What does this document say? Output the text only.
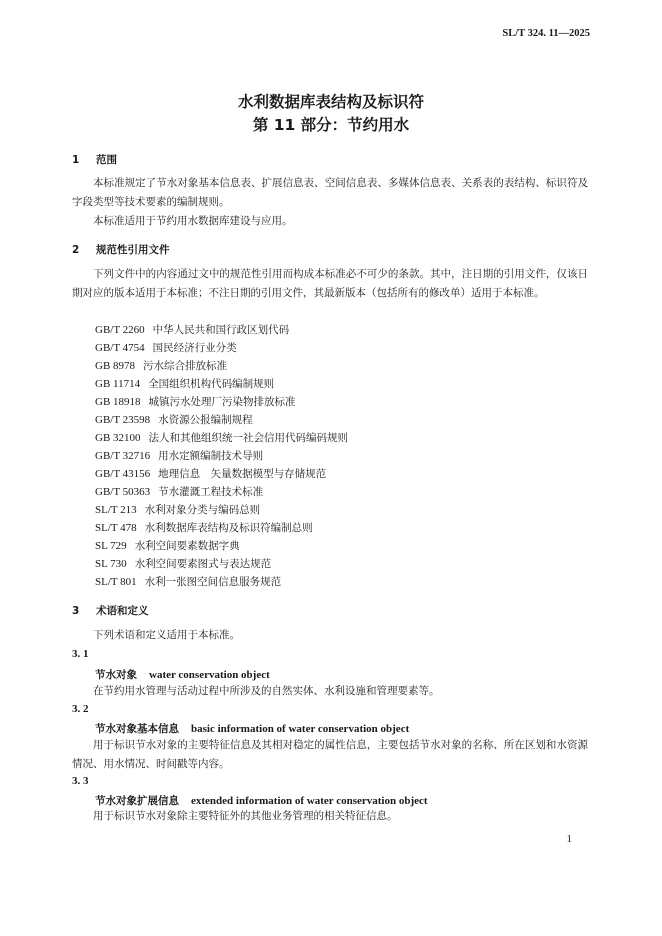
SL/T 324. 11—2025
水利数据库表结构及标识符
第 11 部分：节约用水
1 范围
本标准规定了节水对象基本信息表、扩展信息表、空间信息表、多媒体信息表、关系表的表结构、标识符及字段类型等技术要素的编制规则。
本标准适用于节约用水数据库建设与应用。
2 规范性引用文件
下列文件中的内容通过文中的规范性引用而构成本标准必不可少的条款。其中，注日期的引用文件，仅该日期对应的版本适用于本标准；不注日期的引用文件，其最新版本（包括所有的修改单）适用于本标准。
GB/T 2260 中华人民共和国行政区划代码
GB/T 4754 国民经济行业分类
GB 8978 污水综合排放标准
GB 11714 全国组织机构代码编制规则
GB 18918 城镇污水处理厂污染物排放标准
GB/T 23598 水资源公报编制规程
GB 32100 法人和其他组织统一社会信用代码编码规则
GB/T 32716 用水定额编制技术导则
GB/T 43156 地理信息　矢量数据模型与存储规范
GB/T 50363 节水灌溉工程技术标准
SL/T 213 水利对象分类与编码总则
SL/T 478 水利数据库表结构及标识符编制总则
SL 729 水利空间要素数据字典
SL 730 水利空间要素图式与表达规范
SL/T 801 水利一张图空间信息服务规范
3 术语和定义
下列术语和定义适用于本标准。
3. 1
节水对象 water conservation object
在节约用水管理与活动过程中所涉及的自然实体、水利设施和管理要素等。
3. 2
节水对象基本信息 basic information of water conservation object
用于标识节水对象的主要特征信息及其相对稳定的属性信息，主要包括节水对象的名称、所在区划和水资源情况、用水情况、时间戳等内容。
3. 3
节水对象扩展信息 extended information of water conservation object
用于标识节水对象除主要特征外的其他业务管理的相关特征信息。
1
